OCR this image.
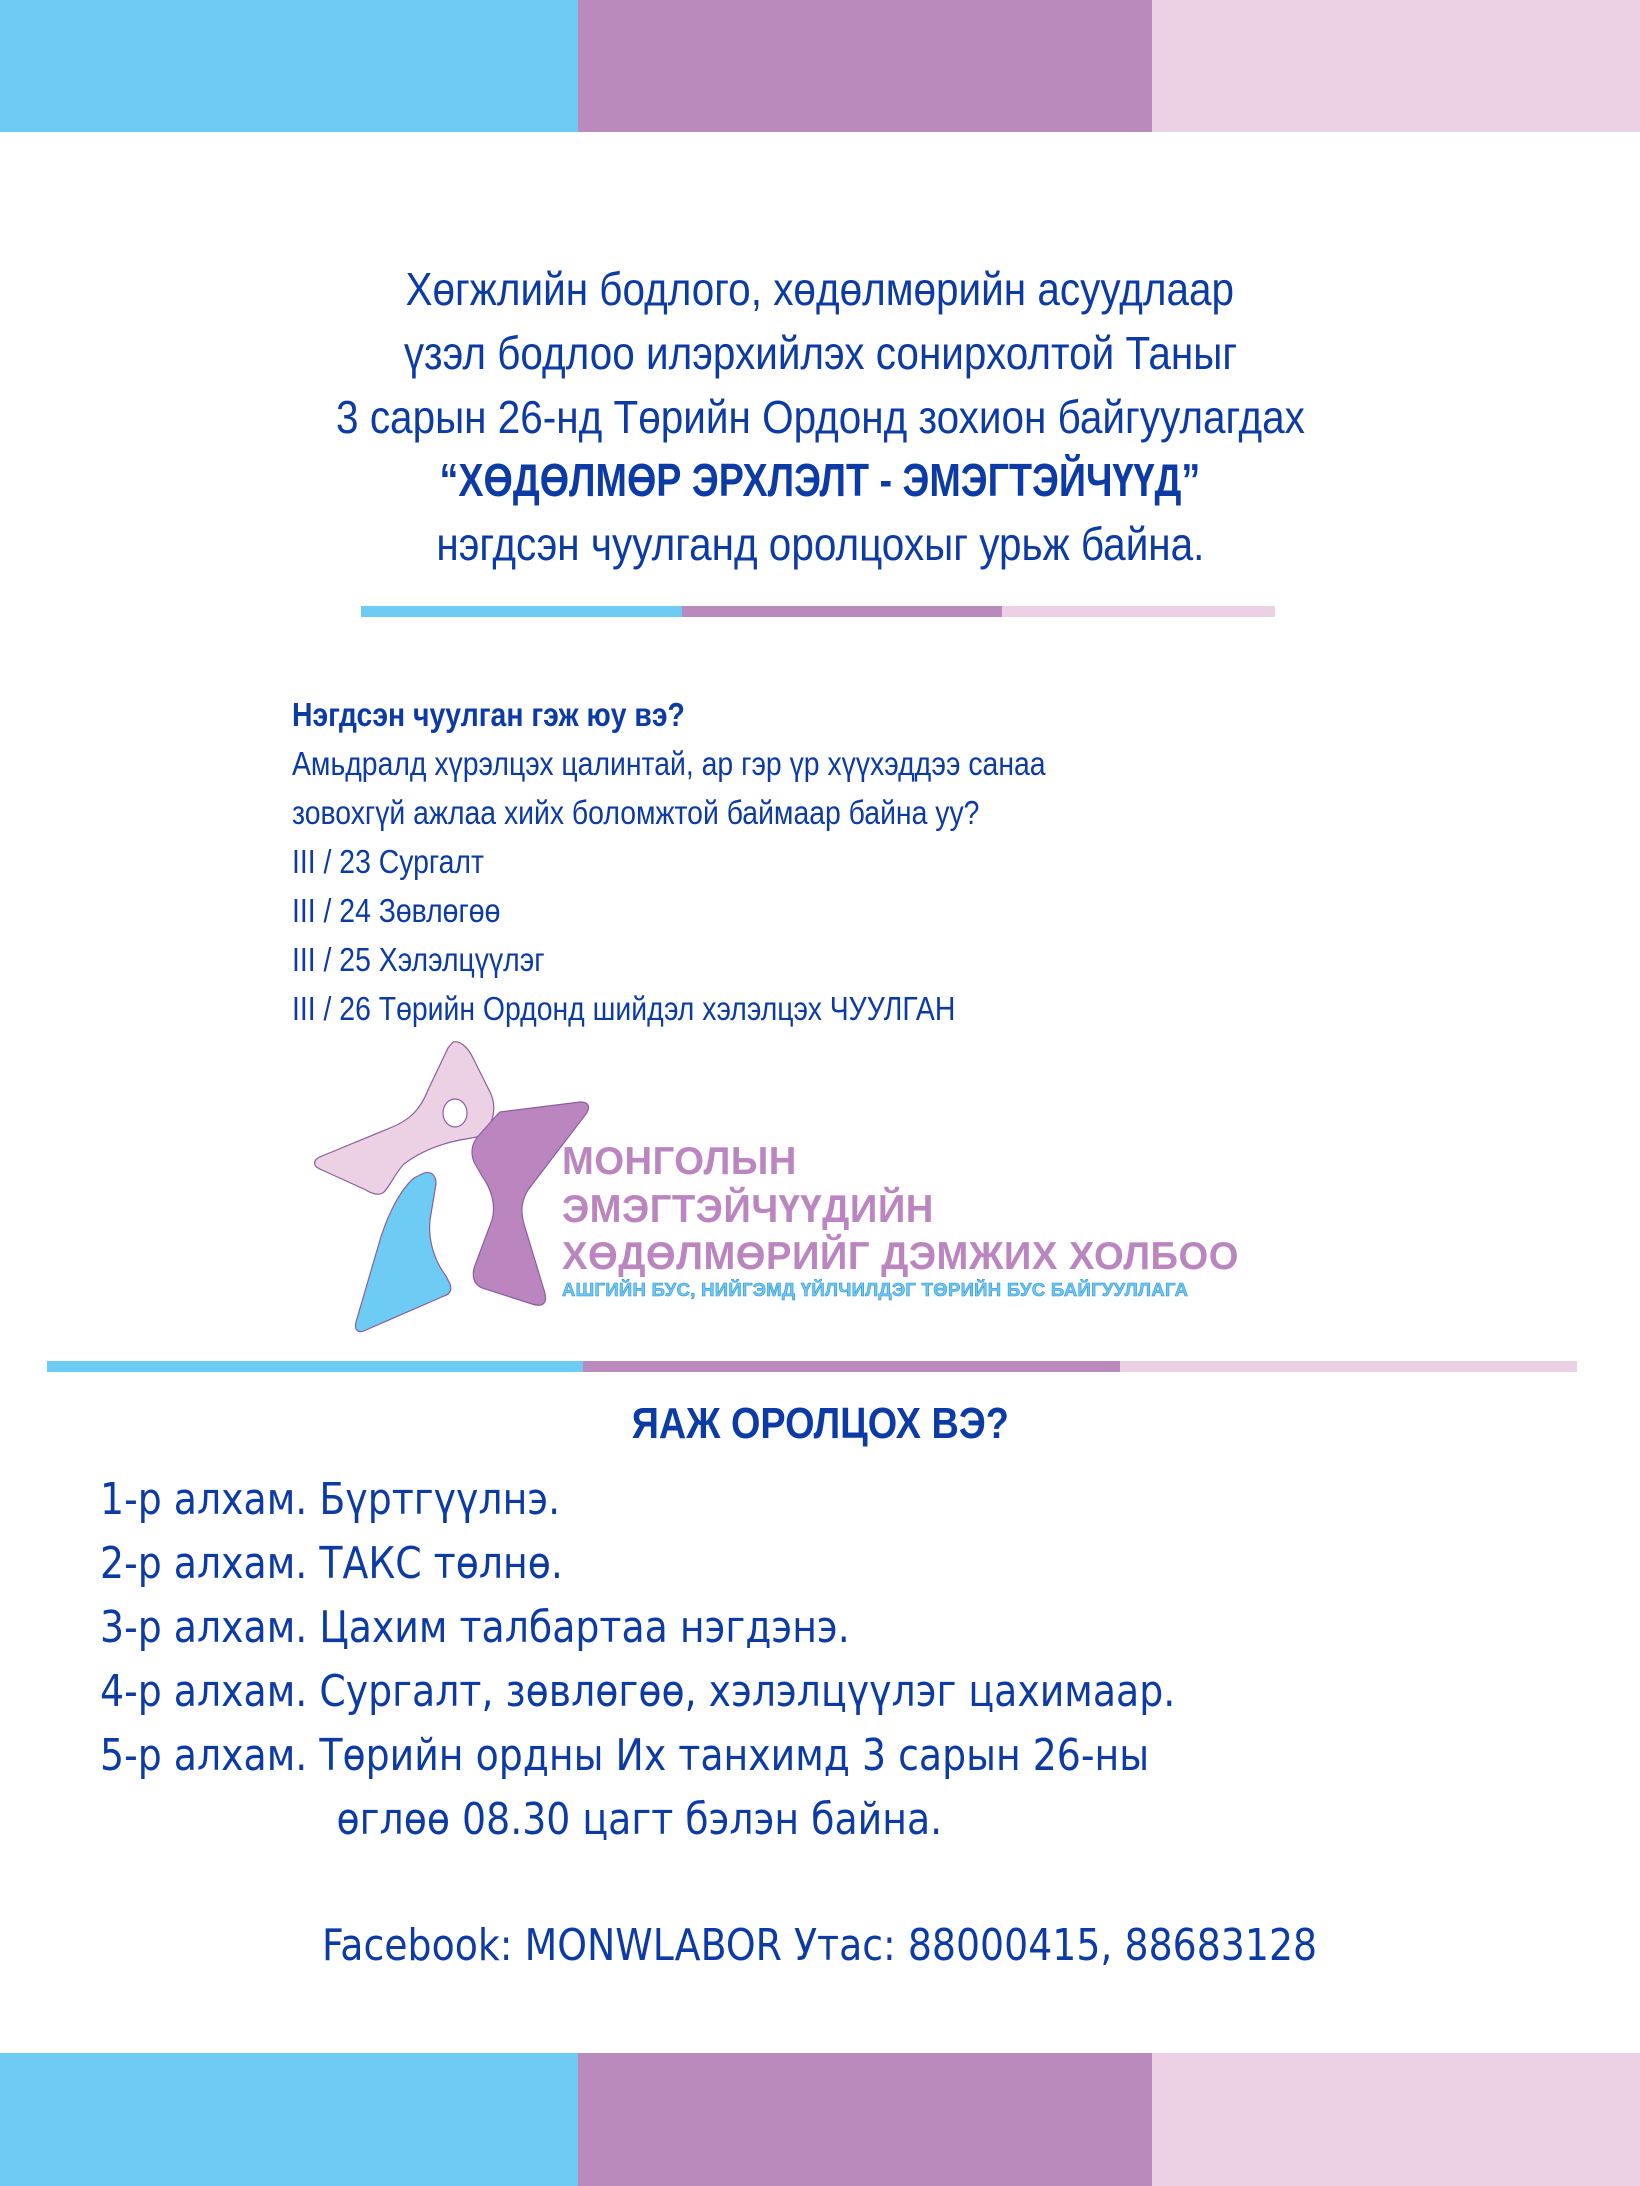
Хөгжлийн бодлого, хөдөлмөрийн асуудлаар
үзэл бодлоо илэрхийлэх сонирхолтой Таныг
3 сарын 26-нд Төрийн Ордонд зохион байгуулагдах
“ХӨДӨЛМӨР ЭРХЛЭЛТ - ЭМЭГТЭЙЧҮҮД”
нэгдсэн чуулганд оролцохыг урьж байна.
Нэгдсэн чуулган гэж юу вэ?
Амьдралд хүрэлцэх цалинтай, ар гэр үр хүүхэддээ санаа
зовохгүй ажлаа хийх боломжтой баймаар байна уу?
III / 23 Сургалт
III / 24 Зөвлөгөө
III / 25 Хэлэлцүүлэг
III / 26 Төрийн Ордонд шийдэл хэлэлцэх ЧУУЛГАН
МОНГОЛЫН
ЭМЭГТЭЙЧҮҮДИЙН
ХӨДӨЛМӨРИЙГ ДЭМЖИХ ХОЛБОО
АШГИЙН БУС, НИЙГЭМД ҮЙЛЧИЛДЭГ ТӨРИЙН БУС БАЙГУУЛЛАГА
ЯАЖ ОРОЛЦОХ ВЭ?
1-р алхам. Бүртгүүлнэ.
2-р алхам. ТАКС төлнө.
3-р алхам. Цахим талбартаа нэгдэнэ.
4-р алхам. Сургалт, зөвлөгөө, хэлэлцүүлэг цахимаар.
5-р алхам. Төрийн ордны Их танхимд 3 сарын 26-ны
өглөө 08.30 цагт бэлэн байна.
Facebook: MONWLABOR Утас: 88000415, 88683128
